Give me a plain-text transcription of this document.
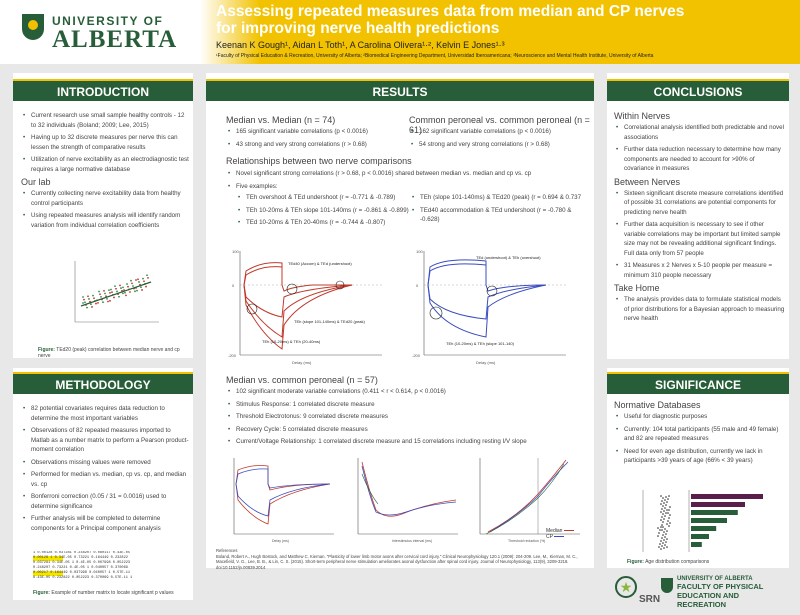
UNIVERSITY OF
ALBERTA
Assessing repeated measures data from median and CP nerves for improving nerve health predictions
Keenan K Gough¹, Aidan L Toth¹, A Carolina Olivera¹·², Kelvin E Jones¹·³
¹Faculty of Physical Education & Recreation, University of Alberta; ²Biomedical Engineering Department, Universidad Iberoamericana; ³Neuroscience and Mental Health Institute, University of Alberta
INTRODUCTION
• Current research use small sample healthy controls - 12 to 32 individuals (Boland; 2009; Lee, 2015)
• Having up to 32 discrete measures per nerve this can lessen the strength of comparative results
• Utilization of nerve excitability as an electrodiagnostic test requires a large normative database
Our lab
• Currently collecting nerve excitability data from healthy control participants
• Using repeated measures analysis will identify random variation from individual correlation coefficients
Figure: TEd20 (peak) correlation between median nerve and cp nerve
METHODOLOGY
• 82 potential covariates requires data reduction to determine the most important variables
• Observations of 82 repeated measures imported to Matlab as a number matrix to perform a Pearson product-moment correlation
• Observations missing values were removed
• Performed for median vs. median, cp vs. cp, and median vs. cp
• Bonferroni correction (0.05 / 31 = 0.0016) used to determine significance
• Further analysis will be completed to determine components for a Principal component analysis
1 0.00128 0.037281 0.248207 0.080117 0.43E-05
0.00128 1 0.34E-05 0.73221 0.164449 0.232822
0.037281 0.34E-05 1 0.4E-05 0.007998 0.052223
0.248207 0.73221 0.4E-05 1 0.040057 0.370069
0.00217 0.164449 0.037998 0.040057 1 0.57E-11
8.43E-05 0.232822 0.052223 0.370069 0.57E-11 1
Figure: Example of number matrix to locate significant p values
RESULTS
Median vs. Median (n = 74)
• 165 significant variable correlations (p < 0.0016)
• 43 strong and very strong correlations (r > 0.68)
Common peroneal vs. common peroneal (n = 61)
• 162 significant variable correlations (p < 0.0016)
• 54 strong and very strong correlations (r > 0.68)
Relationships between two nerve comparisons
• Novel significant strong correlations (r > 0.68, p < 0.0016) shared between median vs. median and cp vs. cp
• Five examples:
• TEh overshoot & TEd undershoot (r = -0.771 & -0.789)
• TEh 10-20ms & TEh slope 101-140ms (r = -0.861 & -0.899)
• TEd 10-20ms & TEh 20-40ms (r = -0.744 & -0.807)
• TEh (slope 101-140ms) & TEd20 (peak) (r = 0.694 & 0.737
• TEd40 accommodation & TEd undershoot (r = -0.780 & -0.628)
100
0
-200
Delay (ms)
TEd40 (Accom) & TEd (undershoot)
TEh (slope 101-140ms) & TEd20 (peak)
TEh (10-20ms) & TEh (20-40ms)
100
0
-200
Delay (ms)
TEd (undershoot) & TEh (overshoot)
TEh (10-20ms) & TEh (slope 101-140)
Median vs. common peroneal (n = 57)
• 102 significant moderate variable correlations (0.411 < r < 0.614, p < 0.0016)
• Stimulus Response: 1 correlated discrete measure
• Threshold Electrotonus: 9 correlated discrete measures
• Recovery Cycle: 5 correlated discrete measures
• Current/Voltage Relationship: 1 correlated discrete measure and 15 correlations including resting I/V slope
Delay (ms)	Interstimulus interval (ms)	Threshold reduction (%)
Median
CP
References
Boland, Robert A., Hugh Bostock, and Matthew C. Kiernan. "Plasticity of lower limb motor axons after cervical cord injury." Clinical Neurophysiology 120.1 (2009): 204-209. Lee, M., Kiernan, M. C., Macefield, V. G., Lee, B. B., & Lin, C. S. (2015). Short-term peripheral nerve stimulation ameliorates axonal dysfunction after spinal cord injury. Journal of Neurophysiology, 113(9), 3209-3218. doi:10.1152/jn.00839.2014
CONCLUSIONS
Within Nerves
• Correlational analysis identified both predictable and novel associations
• Further data reduction necessary to determine how many components are needed to account for >90% of covariance in measures
Between Nerves
• Sixteen significant discrete measure correlations identified of possible 31 correlations are potential components for predicting nerve health
• Further data acquisition is necessary to see if other variable correlations may be important but limited sample size may not be revealing additional significant findings. Full data only from 57 people
• 31 Measures x 2 Nerves x 5-10 people per measure = minimum 310 people necessary
Take Home
• The analysis provides data to formulate statistical models of prior distributions for a Bayesian approach to measuring nerve health
SIGNIFICANCE
Normative Databases
• Useful for diagnostic purposes
• Currently: 104 total participants (55 male and 49 female) and 82 are repeated measures
• Need for even age distribution, currently we lack in participants >39 years of age (66% < 39 years)
Figure: Age distribution comparisons
★
SRN
UNIVERSITY OF ALBERTA
FACULTY OF PHYSICAL
EDUCATION AND RECREATION
